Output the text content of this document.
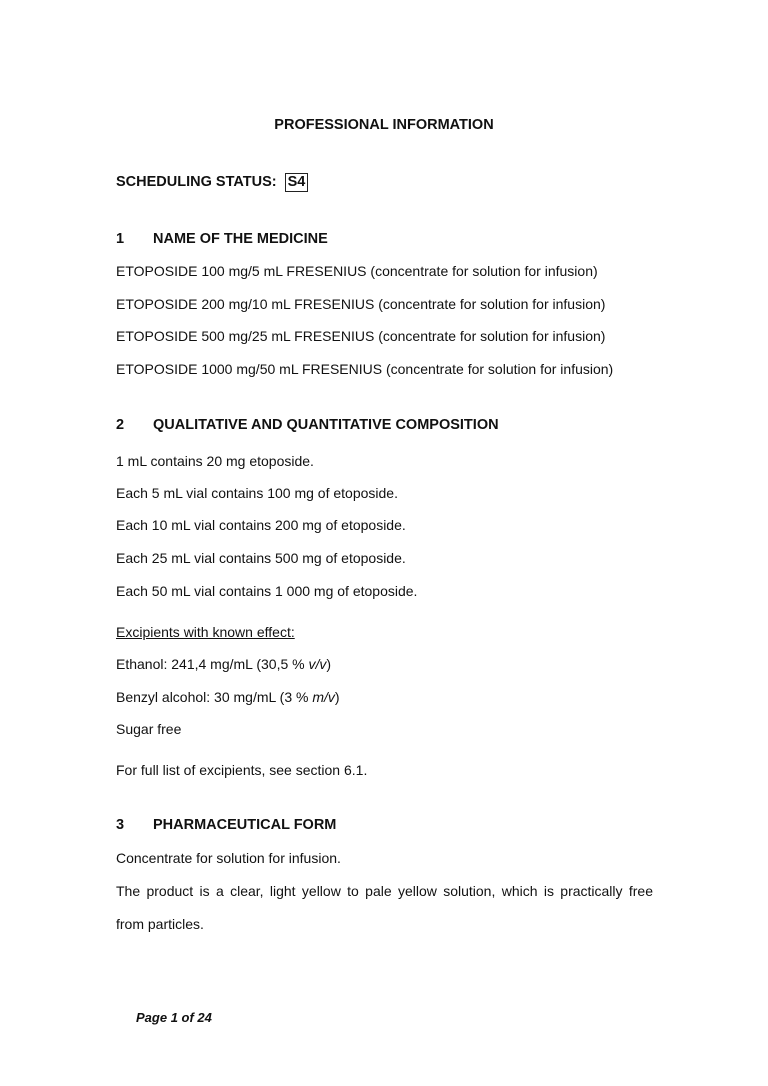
PROFESSIONAL INFORMATION
SCHEDULING STATUS: S4
1 NAME OF THE MEDICINE
ETOPOSIDE 100 mg/5 mL FRESENIUS (concentrate for solution for infusion)
ETOPOSIDE 200 mg/10 mL FRESENIUS (concentrate for solution for infusion)
ETOPOSIDE 500 mg/25 mL FRESENIUS (concentrate for solution for infusion)
ETOPOSIDE 1000 mg/50 mL FRESENIUS (concentrate for solution for infusion)
2 QUALITATIVE AND QUANTITATIVE COMPOSITION
1 mL contains 20 mg etoposide.
Each 5 mL vial contains 100 mg of etoposide.
Each 10 mL vial contains 200 mg of etoposide.
Each 25 mL vial contains 500 mg of etoposide.
Each 50 mL vial contains 1 000 mg of etoposide.
Excipients with known effect:
Ethanol: 241,4 mg/mL (30,5 % v/v)
Benzyl alcohol: 30 mg/mL (3 % m/v)
Sugar free
For full list of excipients, see section 6.1.
3 PHARMACEUTICAL FORM
Concentrate for solution for infusion.
The product is a clear, light yellow to pale yellow solution, which is practically free
from particles.
Page 1 of 24
